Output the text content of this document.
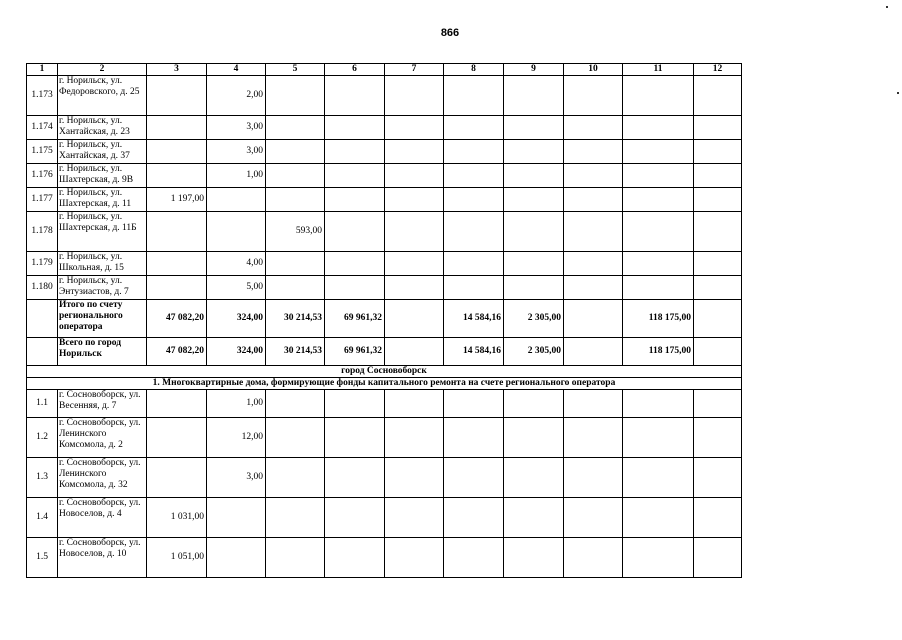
866
1	2	3	4	5	6	7	8	9	10	11	12
1.173	г. Норильск, ул. Федоровского, д. 25		2,00								
1.174	г. Норильск, ул. Хантайская, д. 23		3,00								
1.175	г. Норильск, ул. Хантайская, д. 37		3,00								
1.176	г. Норильск, ул. Шахтерская, д. 9В		1,00								
1.177	г. Норильск, ул. Шахтерская, д. 11	1 197,00									
1.178	г. Норильск, ул. Шахтерская, д. 11Б			593,00							
1.179	г. Норильск, ул. Школьная, д. 15		4,00								
1.180	г. Норильск, ул. Энтузиастов, д. 7		5,00								
	Итого по счету регионального оператора	47 082,20	324,00	30 214,53	69 961,32		14 584,16	2 305,00		118 175,00	
	Всего по город Норильск	47 082,20	324,00	30 214,53	69 961,32		14 584,16	2 305,00		118 175,00	
город Сосновоборск											
1. Многоквартирные дома, формирующие фонды капитального ремонта на счете регионального оператора											
1.1	г. Сосновоборск, ул. Весенняя, д. 7		1,00								
1.2	г. Сосновоборск, ул. Ленинского Комсомола, д. 2		12,00								
1.3	г. Сосновоборск, ул. Ленинского Комсомола, д. 32		3,00								
1.4	г. Сосновоборск, ул. Новоселов, д. 4	1 031,00									
1.5	г. Сосновоборск, ул. Новоселов, д. 10	1 051,00									
